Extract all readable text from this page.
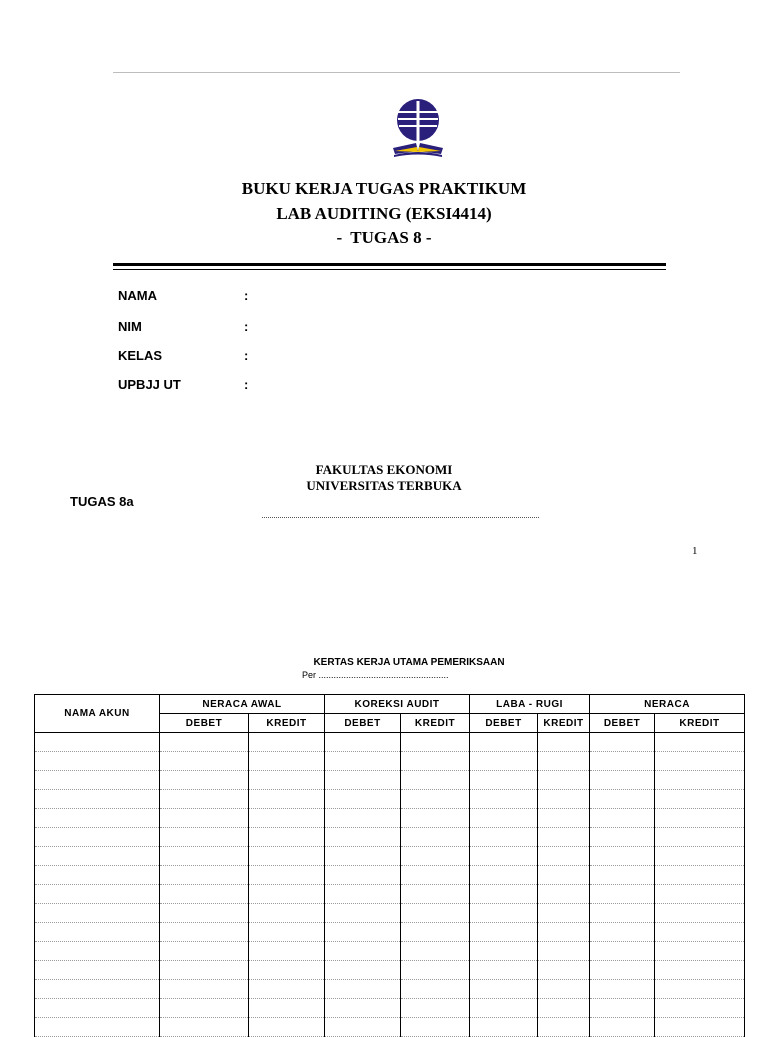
BUKU KERJA TUGAS PRAKTIKUM
LAB AUDITING (EKSI4414)
-  TUGAS 8 -
NAMA	:
NIM	:
KELAS	:
UPBJJ UT	:
FAKULTAS EKONOMI
UNIVERSITAS TERBUKA
TUGAS 8a
1
KERTAS KERJA UTAMA PEMERIKSAAN
Per ....................................................
NAMA AKUN	NERACA AWAL		KOREKSI AUDIT		LABA - RUGI		NERACA	
	DEBET	KREDIT	DEBET	KREDIT	DEBET	KREDIT	DEBET	KREDIT
